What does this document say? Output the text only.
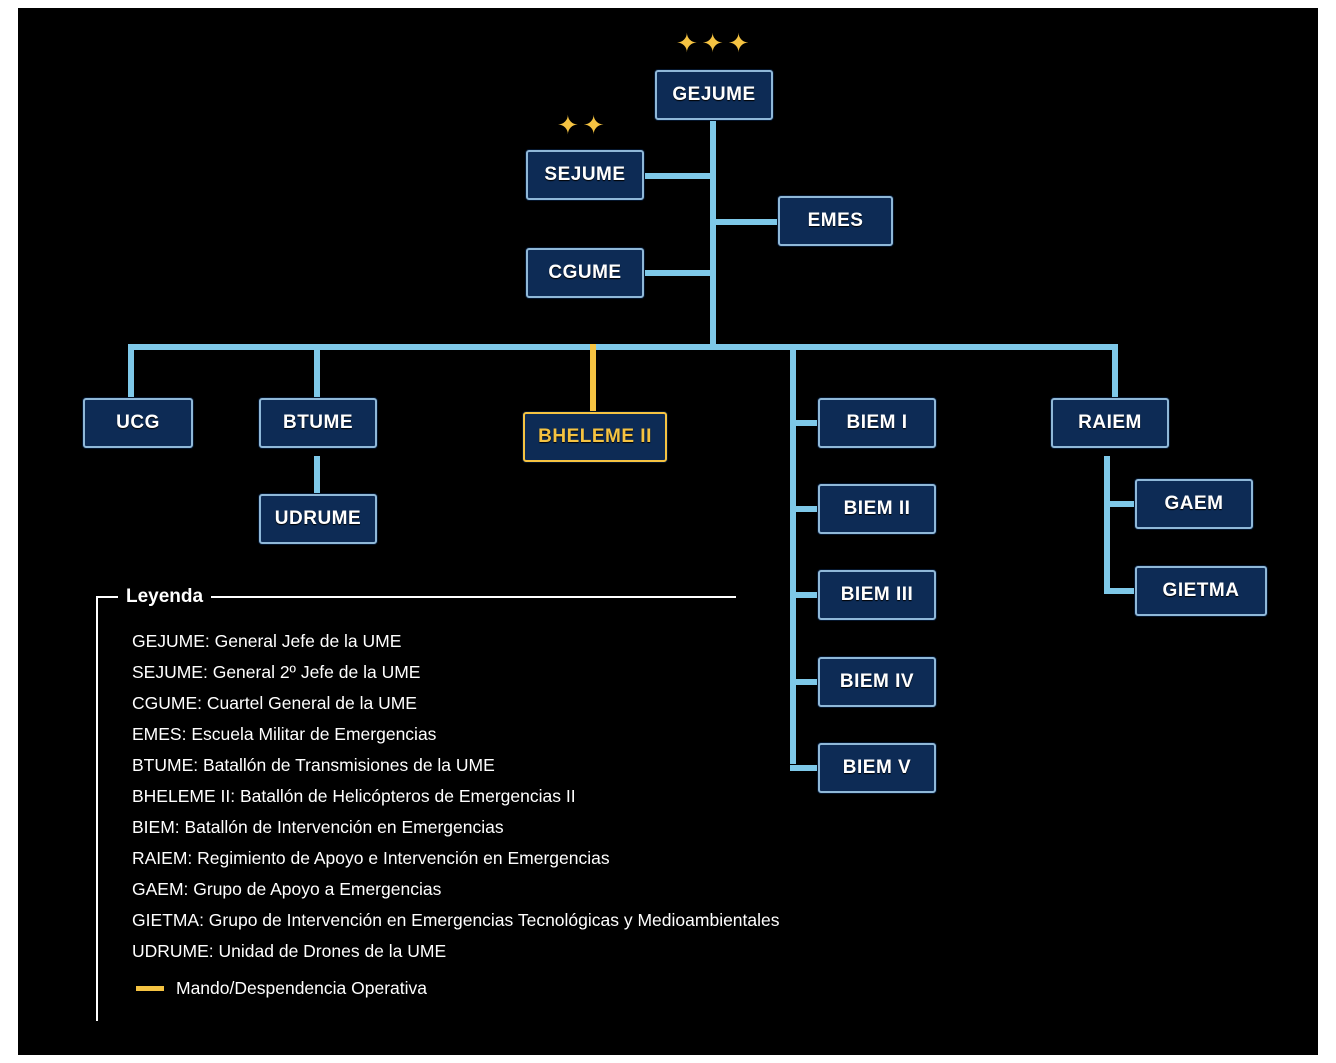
✦✦✦
✦✦
GEJUME
SEJUME
CGUME
EMES
UCG	BTUME
UDRUME
BHELEME II
BIEM I
BIEM II
BIEM III
BIEM IV
BIEM V
RAIEM
GAEM
GIETMA
Leyenda
GEJUME: General Jefe de la UME
SEJUME: General 2º Jefe de la UME
CGUME: Cuartel General de la UME
EMES: Escuela Militar de Emergencias
BTUME: Batallón de Transmisiones de la UME
BHELEME II: Batallón de Helicópteros de Emergencias II
BIEM: Batallón de Intervención en Emergencias
RAIEM: Regimiento de Apoyo e Intervención en Emergencias
GAEM: Grupo de Apoyo a Emergencias
GIETMA: Grupo de Intervención en Emergencias Tecnológicas y Medioambientales
UDRUME: Unidad de Drones de la UME
Mando/Despendencia Operativa
